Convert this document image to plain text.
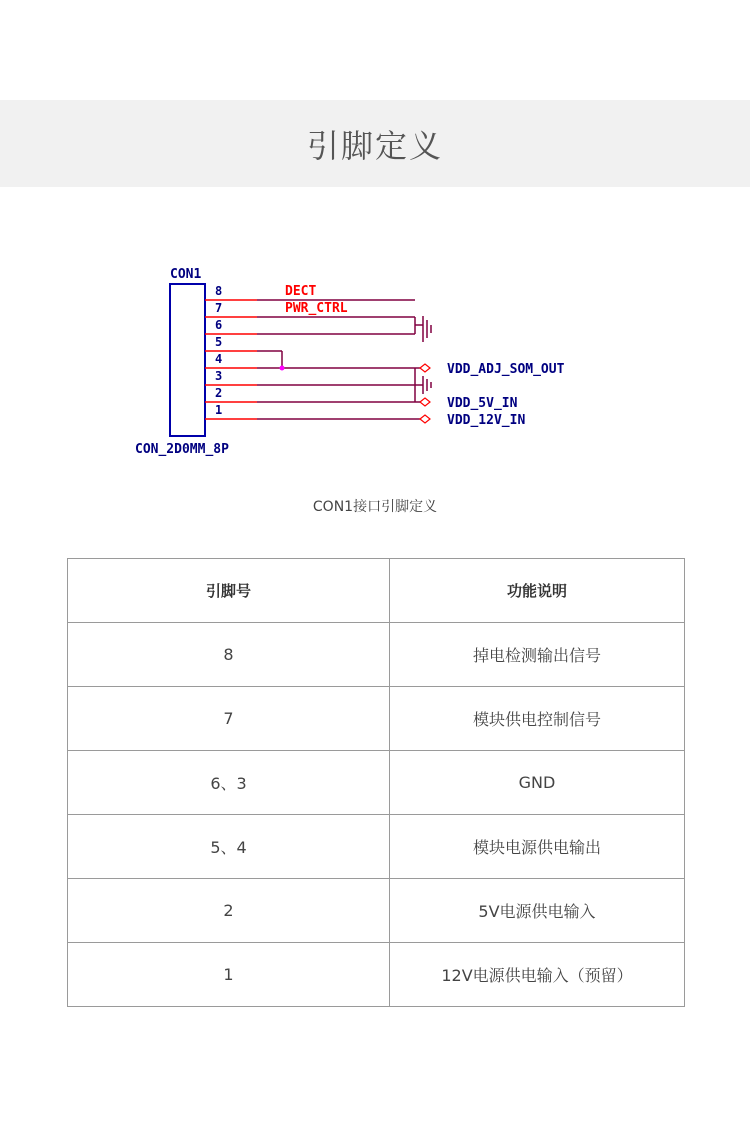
引脚定义
CON1
CON_2D0MM_8P
8
7
6
5
4
3
2
1
DECT
PWR_CTRL
VDD_ADJ_SOM_OUT
VDD_5V_IN
VDD_12V_IN
CON1接口引脚定义
引脚号	功能说明
8	掉电检测输出信号
7	模块供电控制信号
6、3	GND
5、4	模块电源供电输出
2	5V电源供电输入
1	12V电源供电输入（预留）
